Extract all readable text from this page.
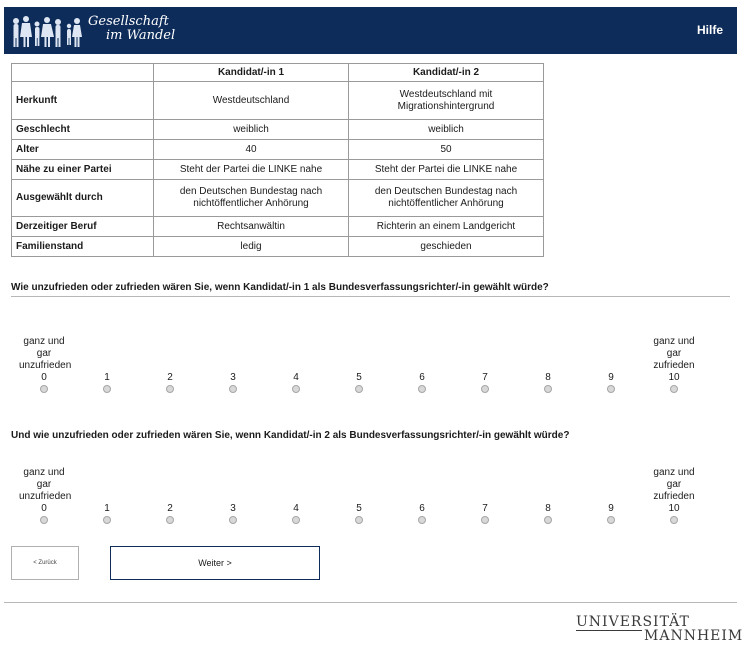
Gesellschaft
im Wandel	Hilfe
	Kandidat/-in 1	Kandidat/-in 2
Herkunft	Westdeutschland	Westdeutschland mit Migrationshintergrund
Geschlecht	weiblich	weiblich
Alter	40	50
Nähe zu einer Partei	Steht der Partei die LINKE nahe	Steht der Partei die LINKE nahe
Ausgewählt durch	den Deutschen Bundestag nach nichtöffentlicher Anhörung	den Deutschen Bundestag nach nichtöffentlicher Anhörung
Derzeitiger Beruf	Rechtsanwältin	Richterin an einem Landgericht
Familienstand	ledig	geschieden
Wie unzufrieden oder zufrieden wären Sie, wenn Kandidat/-in 1 als Bundesverfassungsrichter/-in gewählt würde?
ganz und gar unzufrieden
0	1	2	3	4	5	6	7	8	9
ganz und gar zufrieden
10
Und wie unzufrieden oder zufrieden wären Sie, wenn Kandidat/-in 2 als Bundesverfassungsrichter/-in gewählt würde?
ganz und gar unzufrieden
0	1	2	3	4	5	6	7	8	9
ganz und gar zufrieden
10
< Zurück	Weiter >
UNIVERSITÄT
MANNHEIM
